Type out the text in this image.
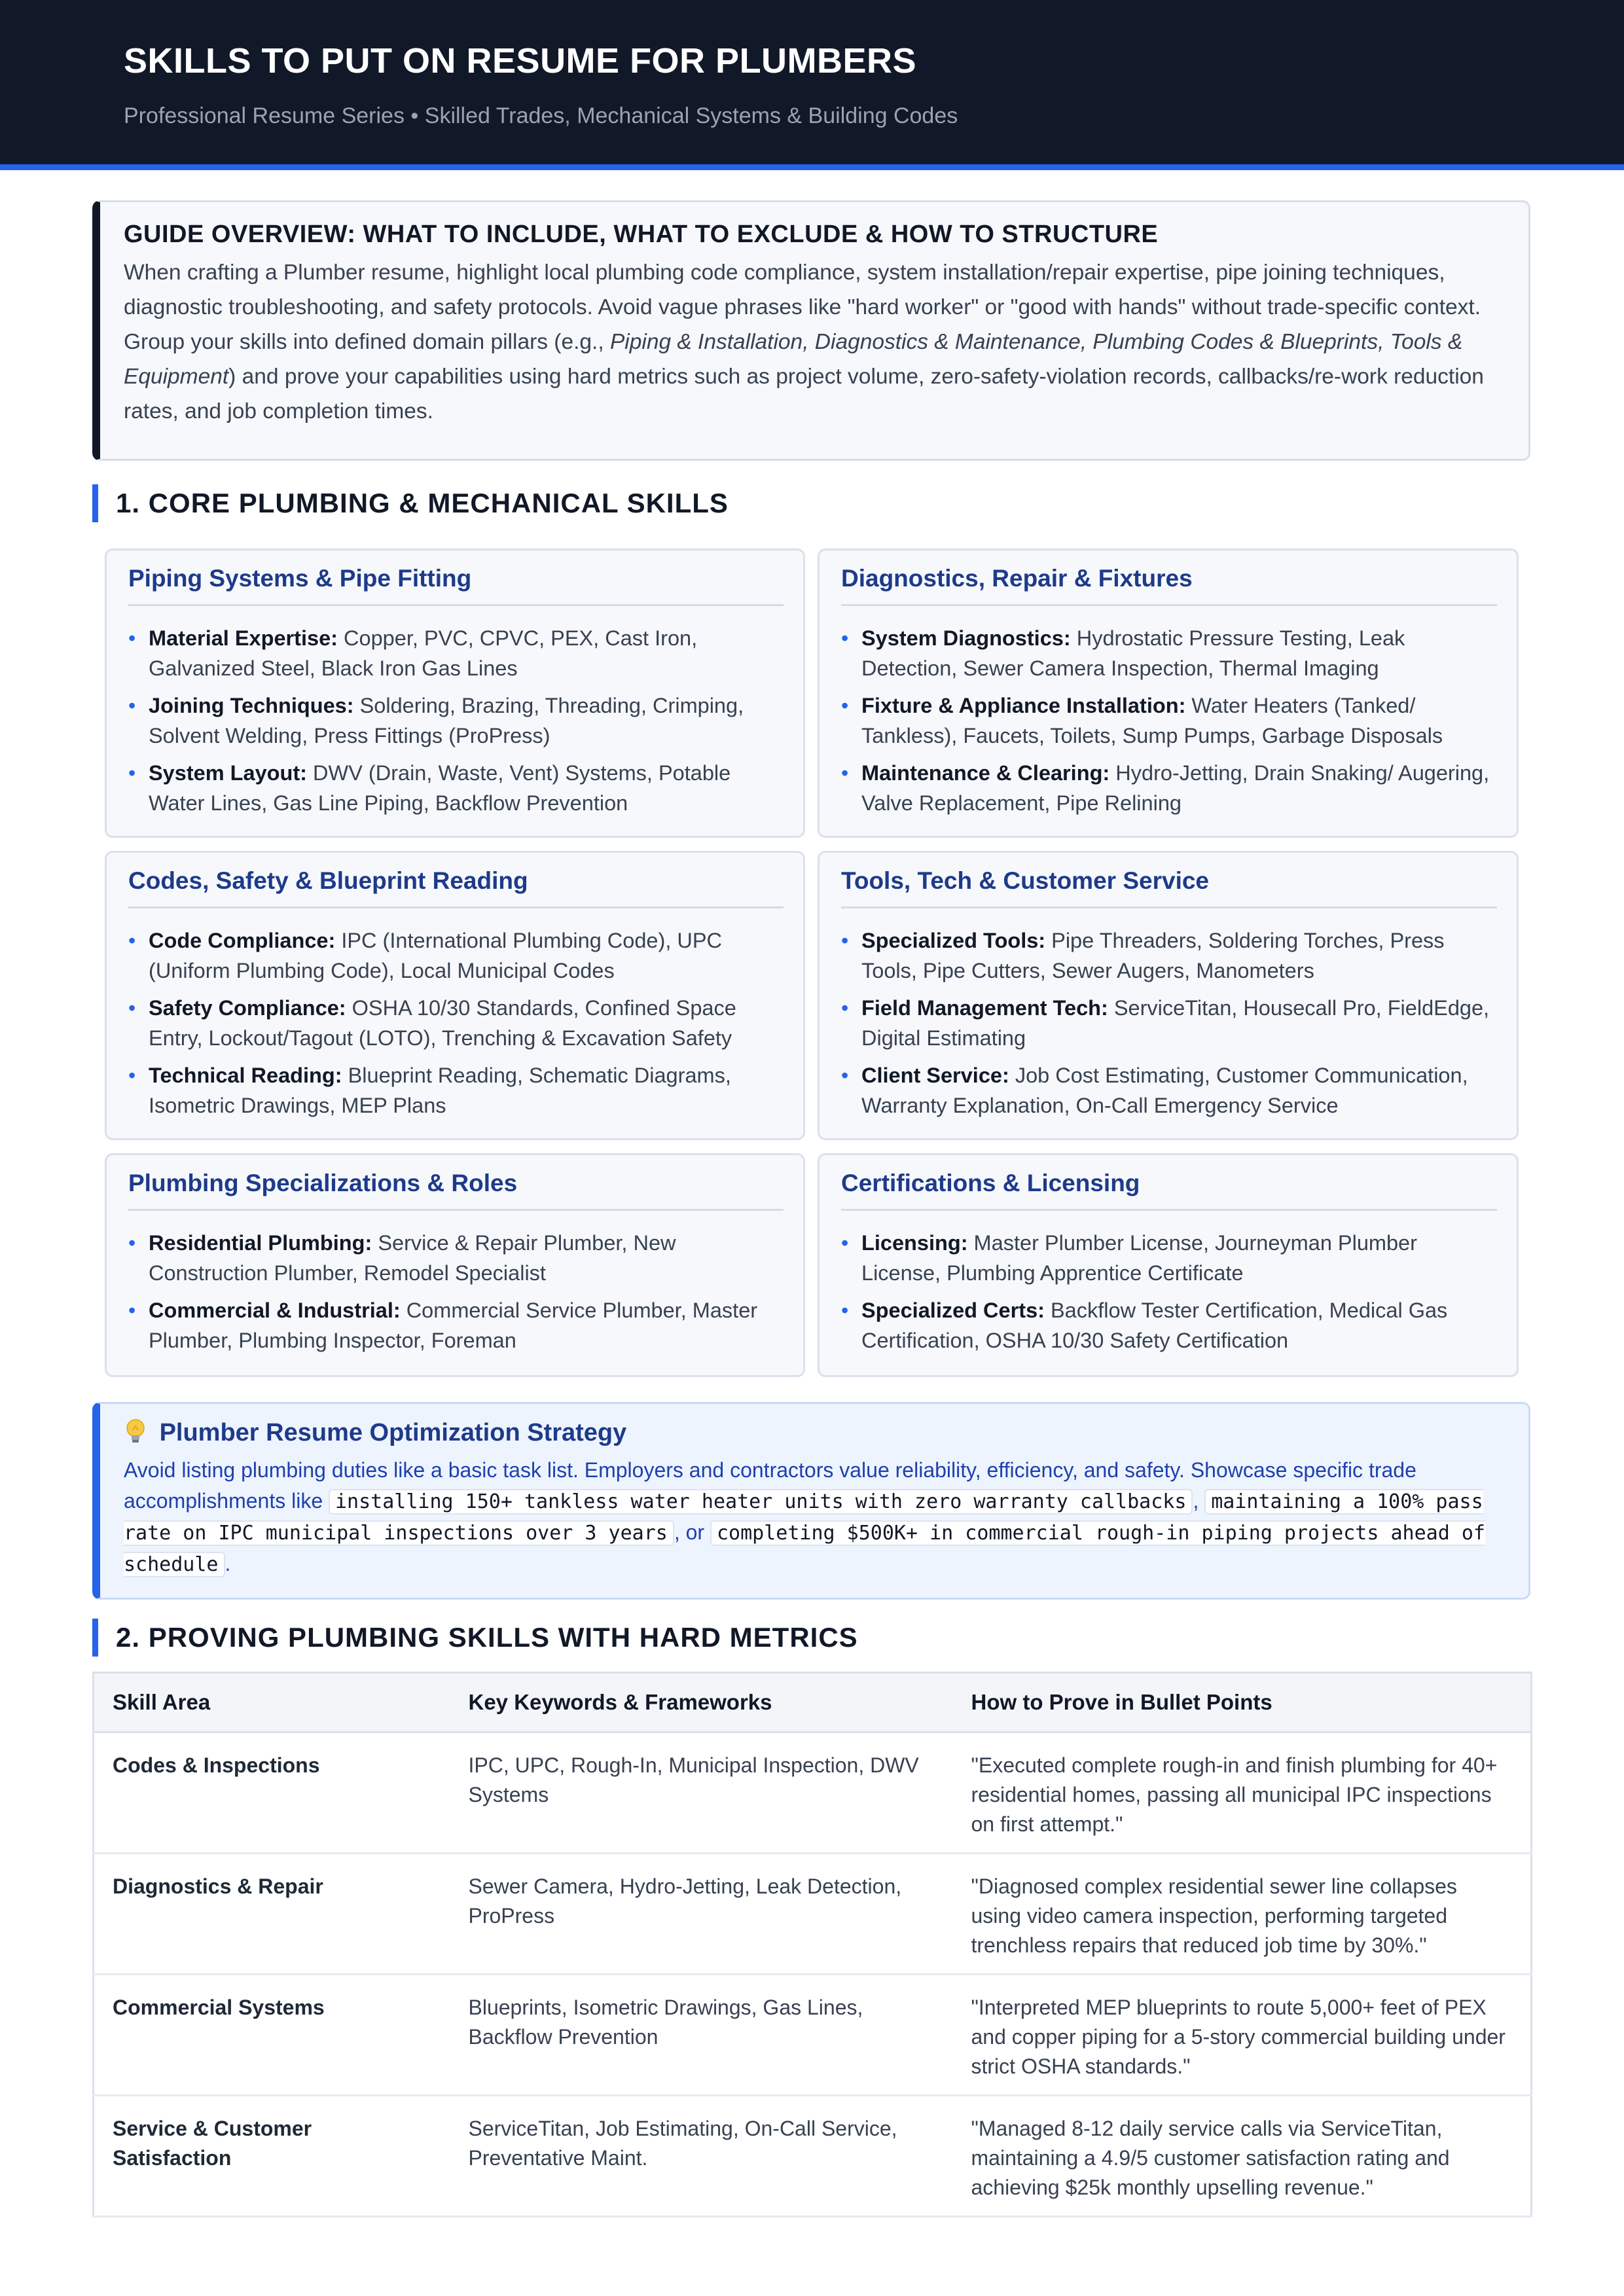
SKILLS TO PUT ON RESUME FOR PLUMBERS
Professional Resume Series • Skilled Trades, Mechanical Systems & Building Codes
GUIDE OVERVIEW: WHAT TO INCLUDE, WHAT TO EXCLUDE & HOW TO STRUCTURE

When crafting a Plumber resume, highlight local plumbing code compliance, system installation/repair expertise, pipe joining techniques, diagnostic troubleshooting, and safety protocols. Avoid vague phrases like "hard worker" or "good with hands" without trade-specific context. Group your skills into defined domain pillars (e.g., Piping & Installation, Diagnostics & Maintenance, Plumbing Codes & Blueprints, Tools & Equipment) and prove your capabilities using hard metrics such as project volume, zero-safety-violation records, callbacks/re-work reduction rates, and job completion times.

1. CORE PLUMBING & MECHANICAL SKILLS
Piping Systems & Pipe Fitting
• Material Expertise: Copper, PVC, CPVC, PEX, Cast Iron, Galvanized Steel, Black Iron Gas Lines
• Joining Techniques: Soldering, Brazing, Threading, Crimping, Solvent Welding, Press Fittings (ProPress)
• System Layout: DWV (Drain, Waste, Vent) Systems, Potable Water Lines, Gas Line Piping, Backflow Prevention
Diagnostics, Repair & Fixtures
• System Diagnostics: Hydrostatic Pressure Testing, Leak Detection, Sewer Camera Inspection, Thermal Imaging
• Fixture & Appliance Installation: Water Heaters (Tanked/ Tankless), Faucets, Toilets, Sump Pumps, Garbage Disposals
• Maintenance & Clearing: Hydro-Jetting, Drain Snaking/ Augering, Valve Replacement, Pipe Relining
Codes, Safety & Blueprint Reading
• Code Compliance: IPC (International Plumbing Code), UPC (Uniform Plumbing Code), Local Municipal Codes
• Safety Compliance: OSHA 10/30 Standards, Confined Space Entry, Lockout/Tagout (LOTO), Trenching & Excavation Safety
• Technical Reading: Blueprint Reading, Schematic Diagrams, Isometric Drawings, MEP Plans
Tools, Tech & Customer Service
• Specialized Tools: Pipe Threaders, Soldering Torches, Press Tools, Pipe Cutters, Sewer Augers, Manometers
• Field Management Tech: ServiceTitan, Housecall Pro, FieldEdge, Digital Estimating
• Client Service: Job Cost Estimating, Customer Communication, Warranty Explanation, On-Call Emergency Service
Plumbing Specializations & Roles
• Residential Plumbing: Service & Repair Plumber, New Construction Plumber, Remodel Specialist
• Commercial & Industrial: Commercial Service Plumber, Master Plumber, Plumbing Inspector, Foreman
Certifications & Licensing
• Licensing: Master Plumber License, Journeyman Plumber License, Plumbing Apprentice Certificate
• Specialized Certs: Backflow Tester Certification, Medical Gas Certification, OSHA 10/30 Safety Certification
Plumber Resume Optimization Strategy

Avoid listing plumbing duties like a basic task list. Employers and contractors value reliability, efficiency, and safety. Showcase specific trade accomplishments like installing 150+ tankless water heater units with zero warranty callbacks , maintaining a 100% pass rate on IPC municipal inspections over 3 years , or completing $500K+ in commercial rough-in piping projects ahead of schedule .

2. PROVING PLUMBING SKILLS WITH HARD METRICS
Skill Area	Key Keywords & Frameworks	How to Prove in Bullet Points
Codes & Inspections	IPC, UPC, Rough-In, Municipal Inspection, DWV Systems	"Executed complete rough-in and finish plumbing for 40+ residential homes, passing all municipal IPC inspections on first attempt."
Diagnostics & Repair	Sewer Camera, Hydro-Jetting, Leak Detection, ProPress	"Diagnosed complex residential sewer line collapses using video camera inspection, performing targeted trenchless repairs that reduced job time by 30%."
Commercial Systems	Blueprints, Isometric Drawings, Gas Lines, Backflow Prevention	"Interpreted MEP blueprints to route 5,000+ feet of PEX and copper piping for a 5-story commercial building under strict OSHA standards."
Service & Customer Satisfaction	ServiceTitan, Job Estimating, On-Call Service, Preventative Maint.	"Managed 8-12 daily service calls via ServiceTitan, maintaining a 4.9/5 customer satisfaction rating and achieving $25k monthly upselling revenue."
